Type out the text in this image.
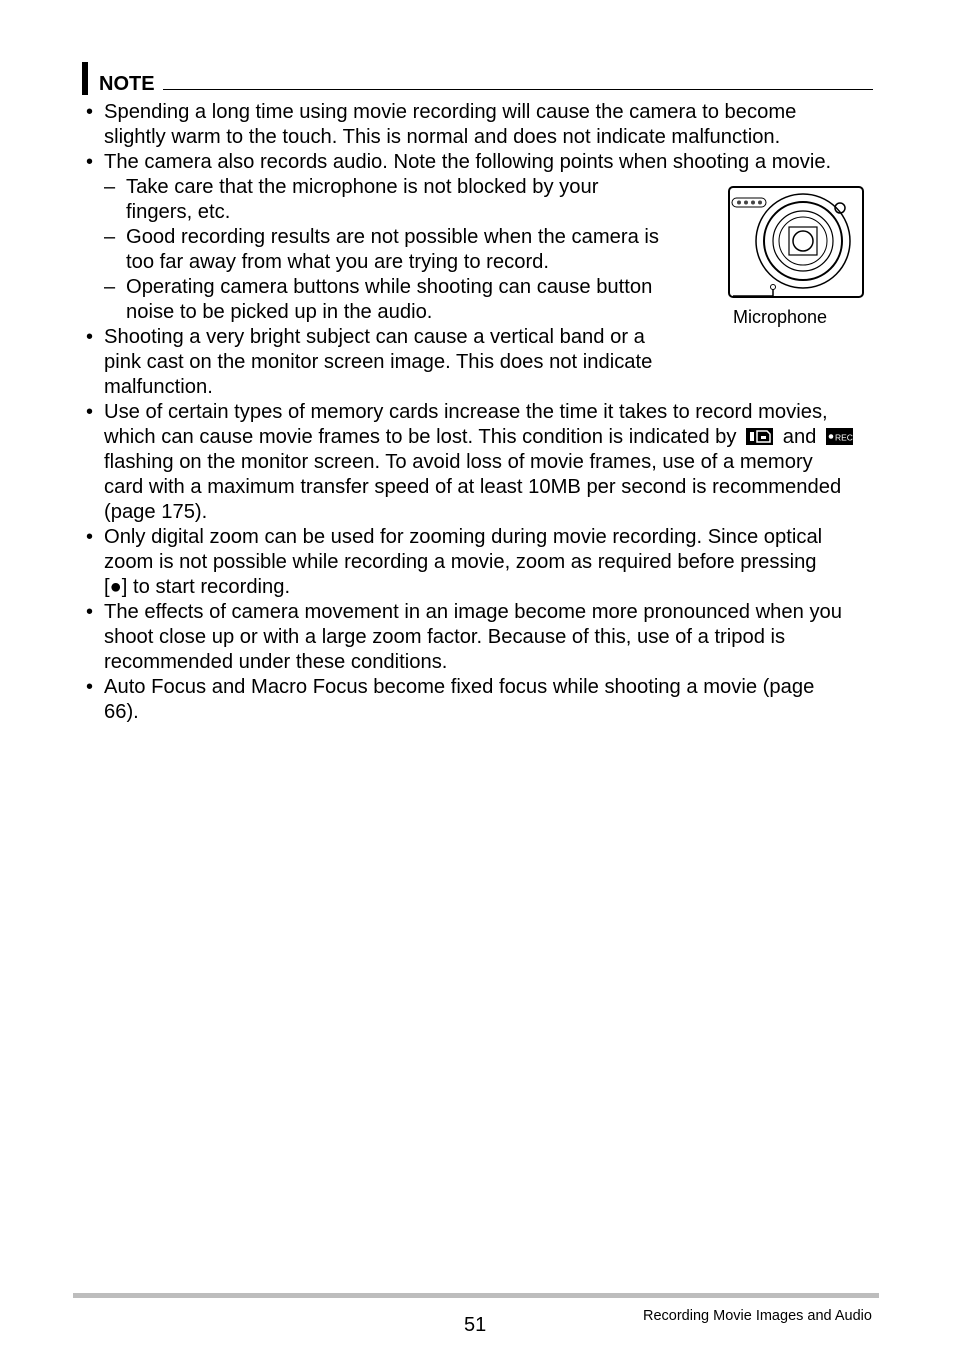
NOTE
• Spending a long time using movie recording will cause the camera to become
slightly warm to the touch. This is normal and does not indicate malfunction.
• The camera also records audio. Note the following points when shooting a movie.
– Take care that the microphone is not blocked by your
fingers, etc.
– Good recording results are not possible when the camera is
too far away from what you are trying to record.
– Operating camera buttons while shooting can cause button
noise to be picked up in the audio.	Microphone
• Shooting a very bright subject can cause a vertical band or a
pink cast on the monitor screen image. This does not indicate
malfunction.
• Use of certain types of memory cards increase the time it takes to record movies,
which can cause movie frames to be lost. This condition is indicated by and REC
flashing on the monitor screen. To avoid loss of movie frames, use of a memory
card with a maximum transfer speed of at least 10MB per second is recommended
(page 175).
• Only digital zoom can be used for zooming during movie recording. Since optical
zoom is not possible while recording a movie, zoom as required before pressing
[●] to start recording.
• The effects of camera movement in an image become more pronounced when you
shoot close up or with a large zoom factor. Because of this, use of a tripod is
recommended under these conditions.
• Auto Focus and Macro Focus become fixed focus while shooting a movie (page
66).
51	Recording Movie Images and Audio
